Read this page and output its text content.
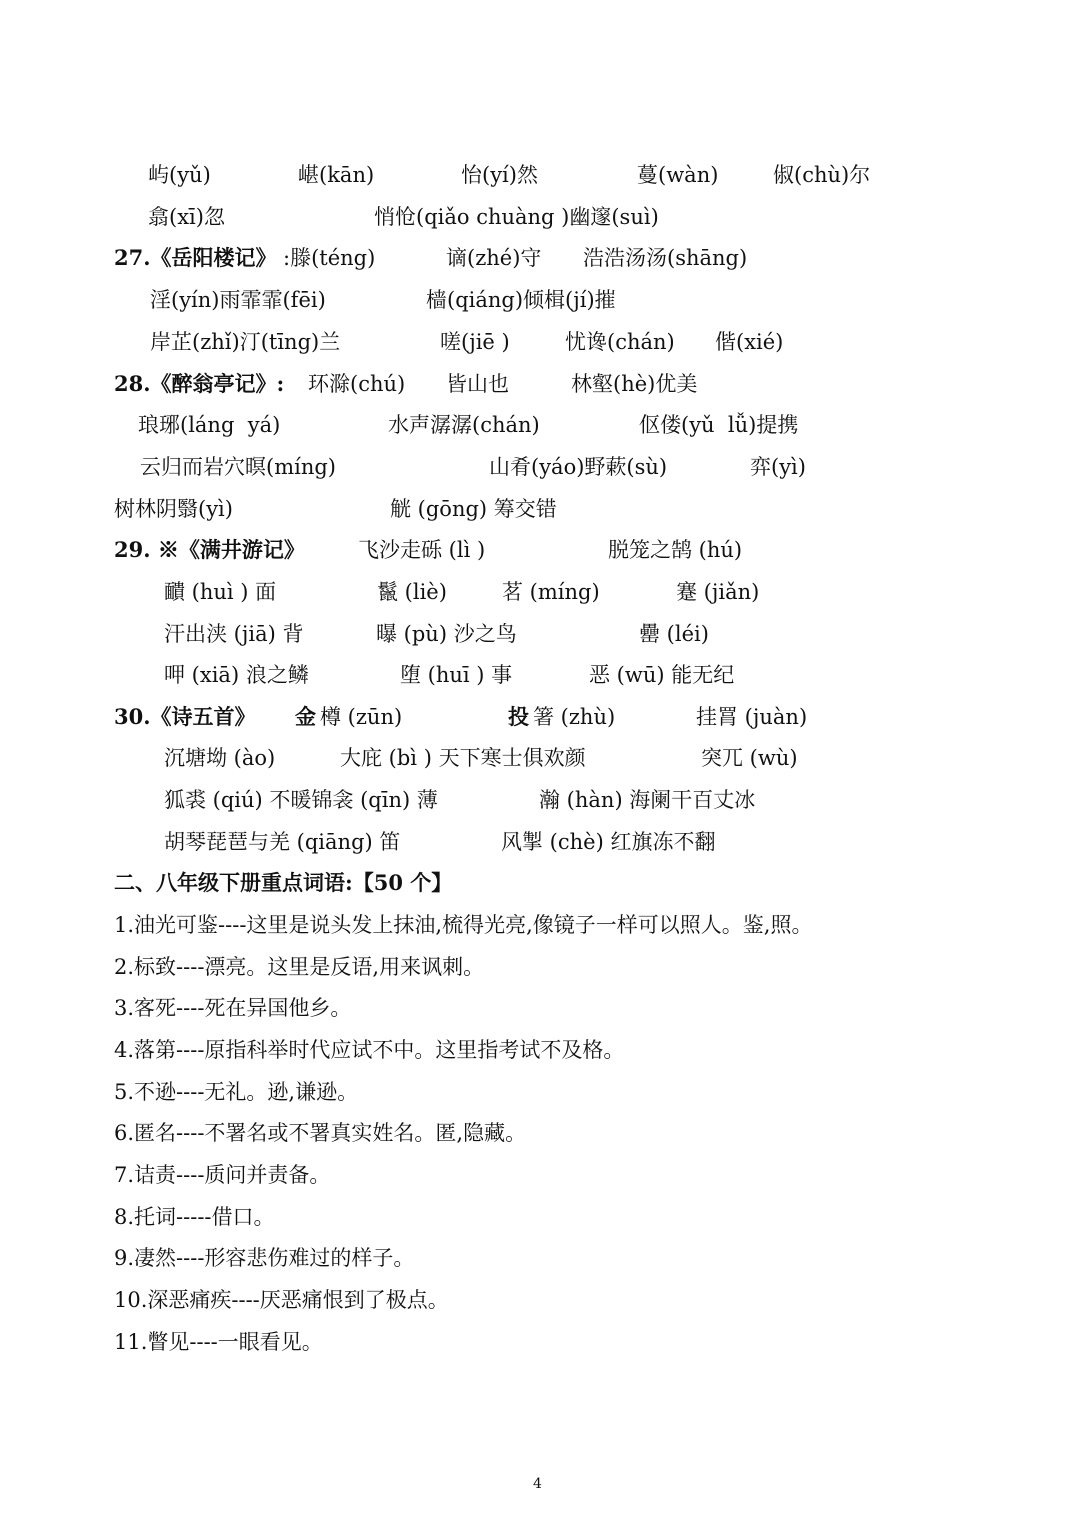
屿(yǔ)	嵁(kān)	怡(yí)然	蔓(wàn)	俶(chù)尔
翕(xī)忽	悄怆(qiǎo chuàng )幽邃(suì)
27.《岳阳楼记》 :滕(téng)	谪(zhé)守 浩浩汤汤(shāng)
淫(yín)雨霏霏(fēi)	樯(qiáng)倾楫(jí)摧
岸芷(zhǐ)汀(tīng)兰	嗟(jiē )	忧谗(chán) 偕(xié)
28.《醉翁亭记》: 环滁(chú) 皆山也	林壑(hè)优美
琅琊(láng  yá)	水声潺潺(chán)	伛偻(yǔ  lǚ)提携
云归而岩穴暝(míng)	山肴(yáo)野蔌(sù)	弈(yì)
树林阴翳(yì)	觥 (gōng) 筹交错
29. ※《满井游记》	飞沙走砾 (lì )	脱笼之鹄 (hú)
靧 (huì ) 面	鬣 (liè)	茗 (míng)	蹇 (jiǎn)
汗出浃 (jiā) 背	曝 (pù) 沙之鸟	罍 (léi)
呷 (xiā) 浪之鳞	堕 (huī ) 事	恶 (wū) 能无纪
30.《诗五首》 金 樽 (zūn)	投 箸 (zhù)	挂罥 (juàn)
沉塘坳 (ào)	大庇 (bì ) 天下寒士俱欢颜	突兀 (wù)
狐裘 (qiú) 不暖锦衾 (qīn) 薄	瀚 (hàn) 海阑干百丈冰
胡琴琵琶与羌 (qiāng) 笛	风掣 (chè) 红旗冻不翻
二、八年级下册重点词语:【50 个】
1.油光可鉴----这里是说头发上抹油,梳得光亮,像镜子一样可以照人。鉴,照。
2.标致----漂亮。这里是反语,用来讽刺。
3.客死----死在异国他乡。
4.落第----原指科举时代应试不中。这里指考试不及格。
5.不逊----无礼。逊,谦逊。
6.匿名----不署名或不署真实姓名。匿,隐藏。
7.诘责----质问并责备。
8.托词-----借口。
9.凄然----形容悲伤难过的样子。
10.深恶痛疾----厌恶痛恨到了极点。
11.瞥见----一眼看见。
4
